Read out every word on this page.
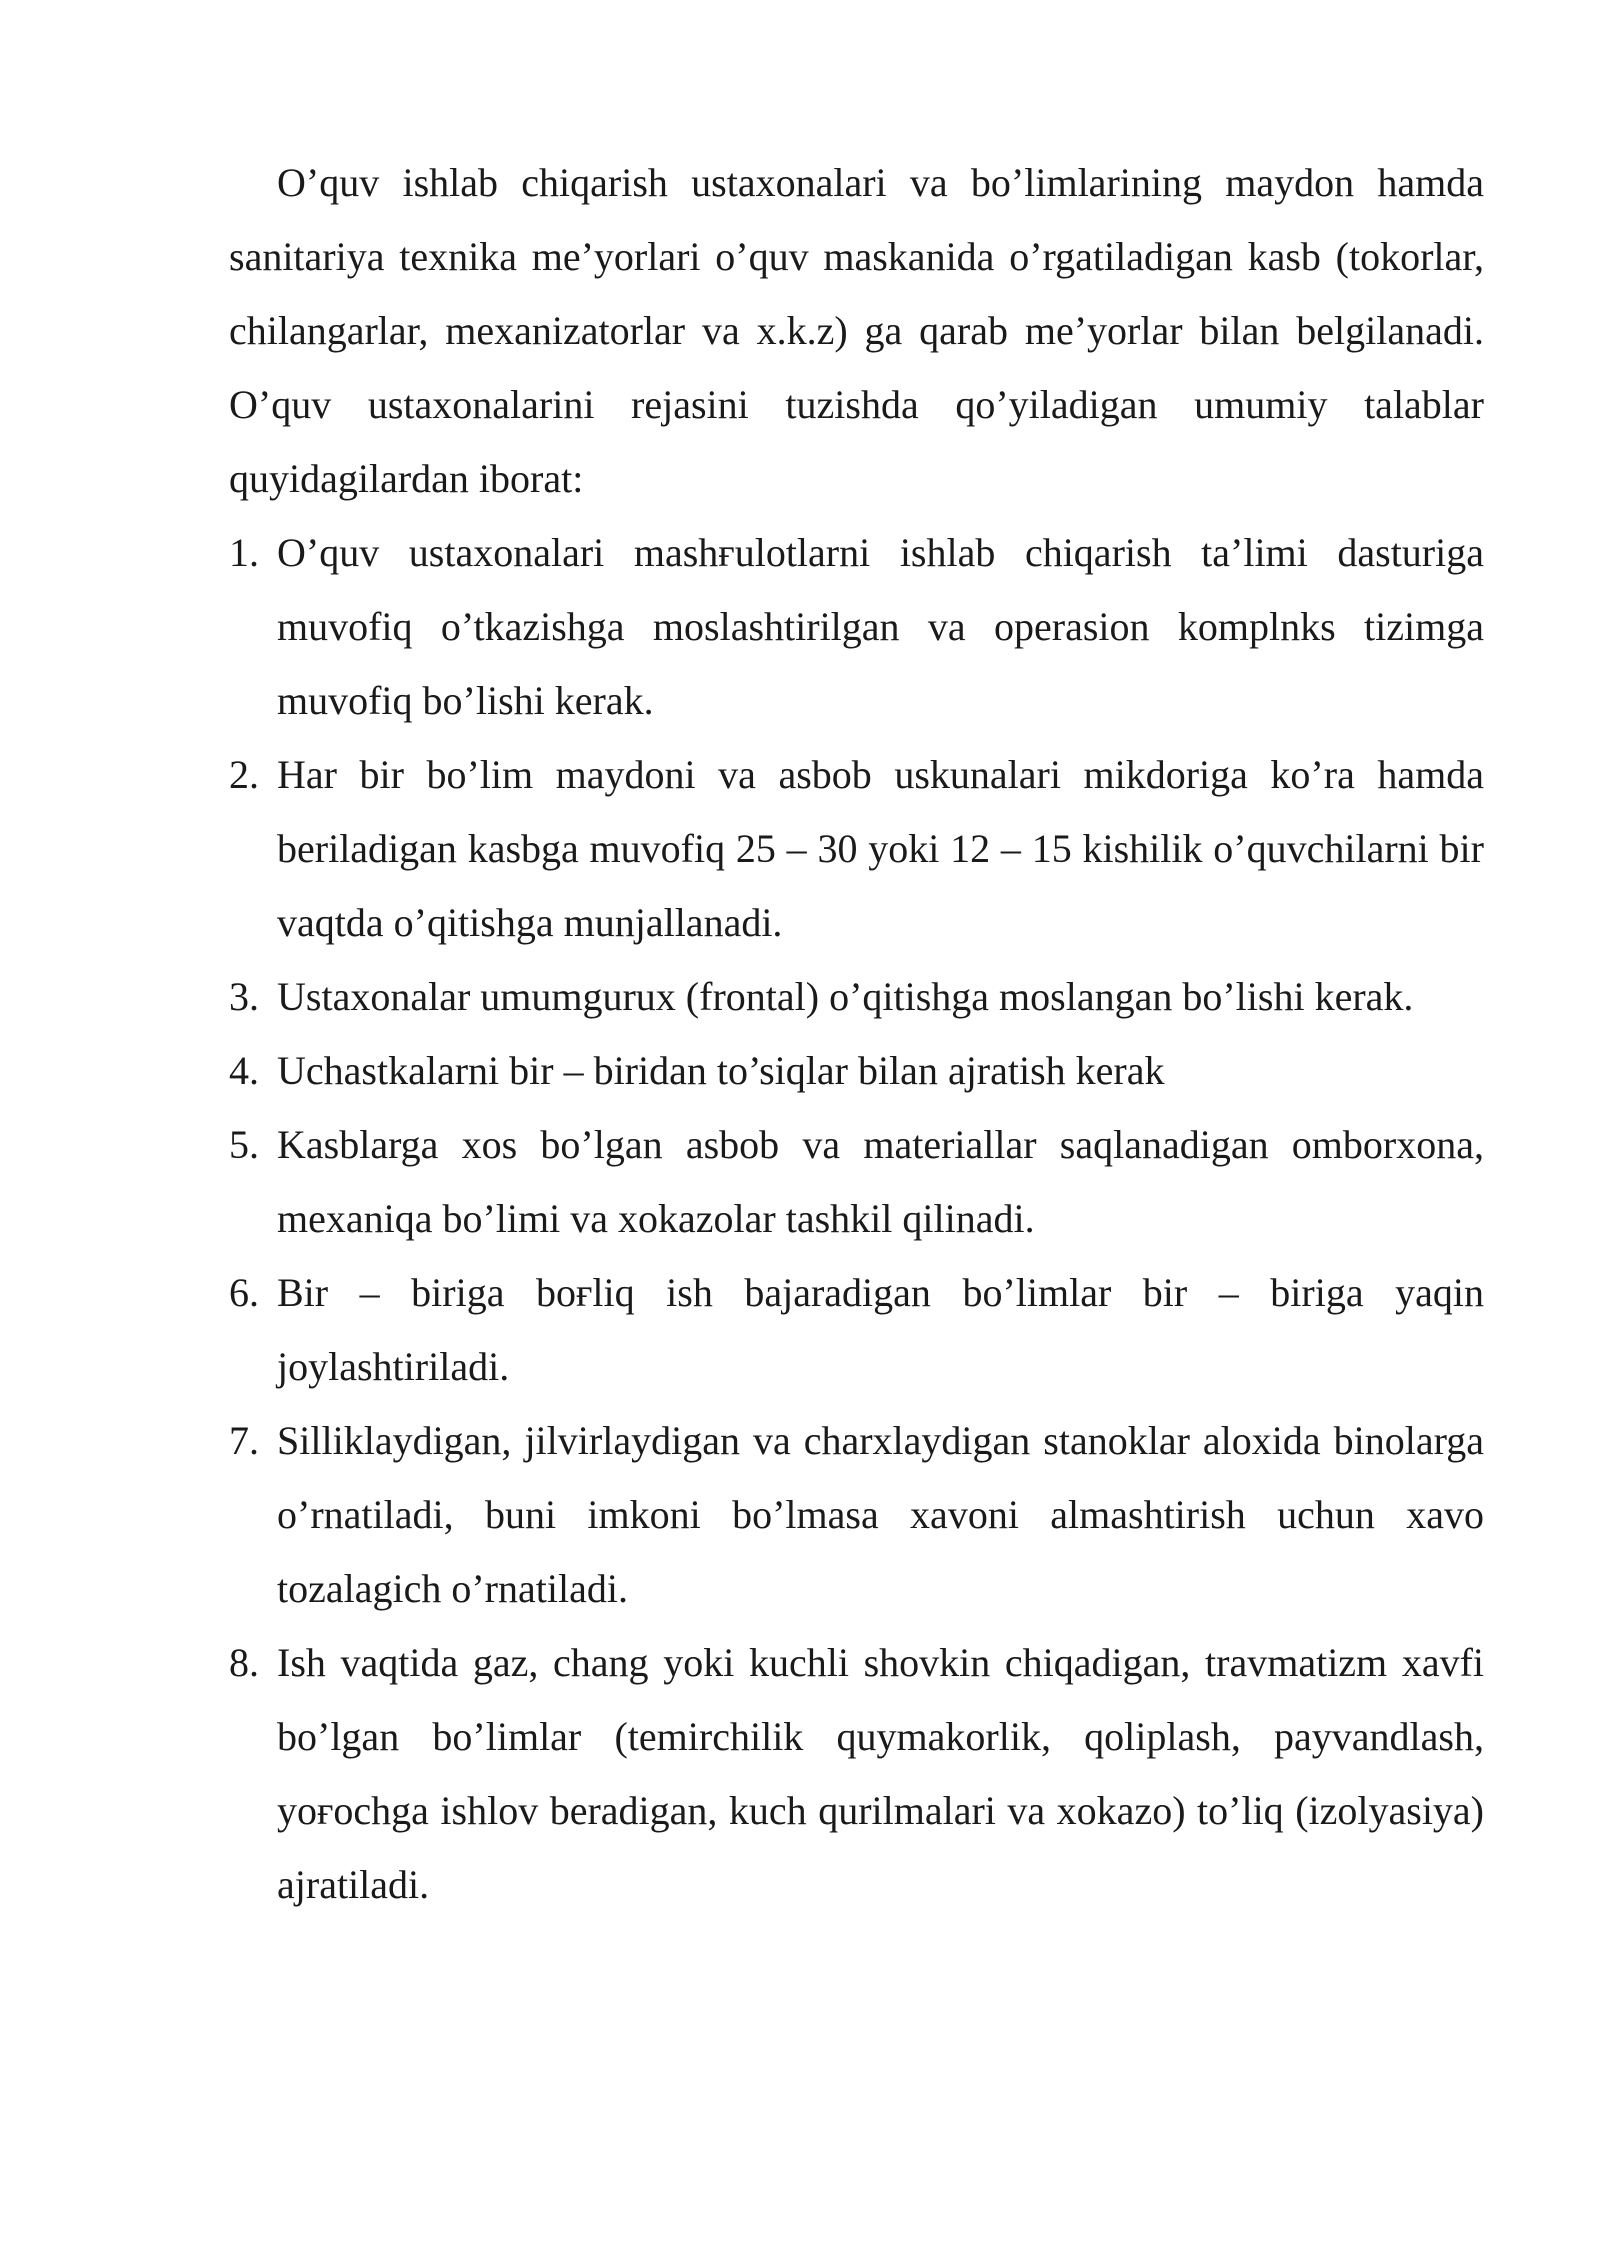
O’quv ishlab chiqarish ustaxonalari va bo’limlarining maydon hamda sanitariya texnika me’yorlari o’quv maskanida o’rgatiladigan kasb (tokorlar, chilangarlar, mexanizatorlar va x.k.z) ga qarab me’yorlar bilan belgilanadi. O’quv ustaxonalarini rejasini tuzishda qo’yiladigan umumiy talablar quyidagilardan iborat:

1. O’quv ustaxonalari mashғulotlarni ishlab chiqarish ta’limi dasturiga muvofiq o’tkazishga moslashtirilgan va operasion komplnks tizimga muvofiq bo’lishi kerak.
2. Har bir bo’lim maydoni va asbob uskunalari mikdoriga ko’ra hamda beriladigan kasbga muvofiq 25 – 30 yoki 12 – 15 kishilik o’quvchilarni bir vaqtda o’qitishga munjallanadi.
3. Ustaxonalar umumgurux (frontal) o’qitishga moslangan bo’lishi kerak.
4. Uchastkalarni bir – biridan to’siqlar bilan ajratish kerak
5. Kasblarga xos bo’lgan asbob va materiallar saqlanadigan omborxona, mexaniqa bo’limi va xokazolar tashkil qilinadi.
6. Bir – biriga boғliq ish bajaradigan bo’limlar bir – biriga yaqin joylashtiriladi.
7. Silliklaydigan, jilvirlaydigan va charxlaydigan stanoklar aloxida binolarga o’rnatiladi, buni imkoni bo’lmasa xavoni almashtirish uchun xavo tozalagich o’rnatiladi.
8. Ish vaqtida gaz, chang yoki kuchli shovkin chiqadigan, travmatizm xavfi bo’lgan bo’limlar (temirchilik quymakorlik, qoliplash, payvandlash, yoғochga ishlov beradigan, kuch qurilmalari va xokazo) to’liq (izolyasiya) ajratiladi.
